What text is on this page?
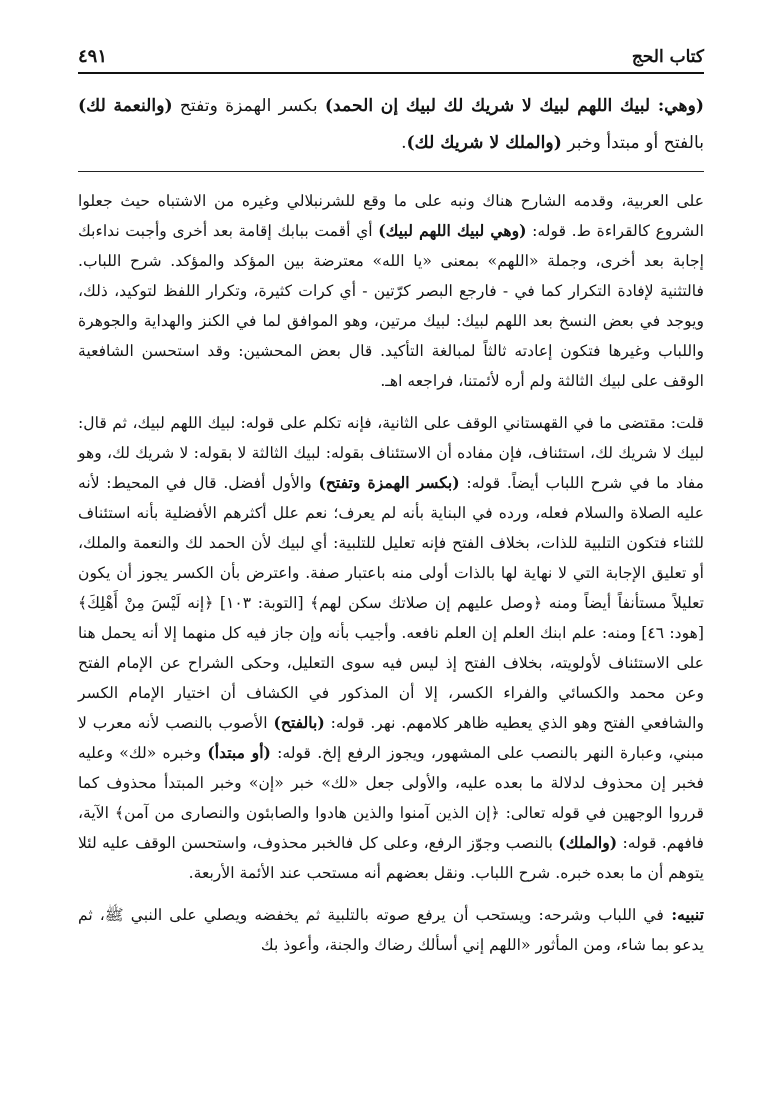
كتاب الحج
٤٩١
(وهي: لبيك اللهم لبيك لا شريك لك لبيك إن الحمد) بكسر الهمزة وتفتح (والنعمة لك) بالفتح أو مبتدأ وخبر (والملك لا شريك لك).

على العربية، وقدمه الشارح هناك ونبه على ما وقع للشرنبلالي وغيره من الاشتباه حيث جعلوا الشروع كالقراءة ط. قوله: (وهي لبيك اللهم لبيك) أي أقمت ببابك إقامة بعد أخرى وأجبت نداءبك إجابة بعد أخرى، وجملة «اللهم» بمعنى «يا الله» معترضة بين المؤكد والمؤكد. شرح اللباب. فالتثنية لإفادة التكرار كما في - فارجع البصر كرّتين - أي كرات كثيرة، وتكرار اللفظ لتوكيد، ذلك، ويوجد في بعض النسخ بعد اللهم لبيك: لبيك مرتين، وهو الموافق لما في الكنز والهداية والجوهرة واللباب وغيرها فتكون إعادته ثالثاً لمبالغة التأكيد. قال بعض المحشين: وقد استحسن الشافعية الوقف على لبيك الثالثة ولم أره لأئمتنا، فراجعه اهـ.

قلت: مقتضى ما في القهستاني الوقف على الثانية، فإنه تكلم على قوله: لبيك اللهم لبيك، ثم قال: لبيك لا شريك لك، استئناف، فإن مفاده أن الاستئناف بقوله: لبيك الثالثة لا بقوله: لا شريك لك، وهو مفاد ما في شرح اللباب أيضاً. قوله: (بكسر الهمزة وتفتح) والأول أفضل. قال في المحيط: لأنه عليه الصلاة والسلام فعله، ورده في البناية بأنه لم يعرف؛ نعم علل أكثرهم الأفضلية بأنه استئناف للثناء فتكون التلبية للذات، بخلاف الفتح فإنه تعليل للتلبية: أي لبيك لأن الحمد لك والنعمة والملك، أو تعليق الإجابة التي لا نهاية لها بالذات أولى منه باعتبار صفة. واعترض بأن الكسر يجوز أن يكون تعليلاً مستأنفاً أيضاً ومنه ﴿وصل عليهم إن صلاتك سكن لهم﴾ [التوبة: ١٠٣] ﴿إنه لَيْسَ مِنْ أَهْلِكَ﴾ [هود: ٤٦] ومنه: علم ابنك العلم إن العلم نافعه. وأجيب بأنه وإن جاز فيه كل منهما إلا أنه يحمل هنا على الاستئناف لأولويته، بخلاف الفتح إذ ليس فيه سوى التعليل، وحكى الشراح عن الإمام الفتح وعن محمد والكسائي والفراء الكسر، إلا أن المذكور في الكشاف أن اختيار الإمام الكسر والشافعي الفتح وهو الذي يعطيه ظاهر كلامهم. نهر. قوله: (بالفتح) الأصوب بالنصب لأنه معرب لا مبني، وعبارة النهر بالنصب على المشهور، ويجوز الرفع إلخ. قوله: (أو مبتدأ) وخبره «لك» وعليه فخبر إن محذوف لدلالة ما بعده عليه، والأولى جعل «لك» خبر «إن» وخبر المبتدأ محذوف كما قرروا الوجهين في قوله تعالى: ﴿إن الذين آمنوا والذين هادوا والصابئون والنصارى من آمن﴾ الآية، فافهم. قوله: (والملك) بالنصب وجوّز الرفع، وعلى كل فالخبر محذوف، واستحسن الوقف عليه لئلا يتوهم أن ما بعده خبره. شرح اللباب. ونقل بعضهم أنه مستحب عند الأئمة الأربعة.

تنبيه: في اللباب وشرحه: ويستحب أن يرفع صوته بالتلبية ثم يخفضه ويصلي على النبي ﷺ، ثم يدعو بما شاء، ومن المأثور «اللهم إني أسألك رضاك والجنة، وأعوذ بك
